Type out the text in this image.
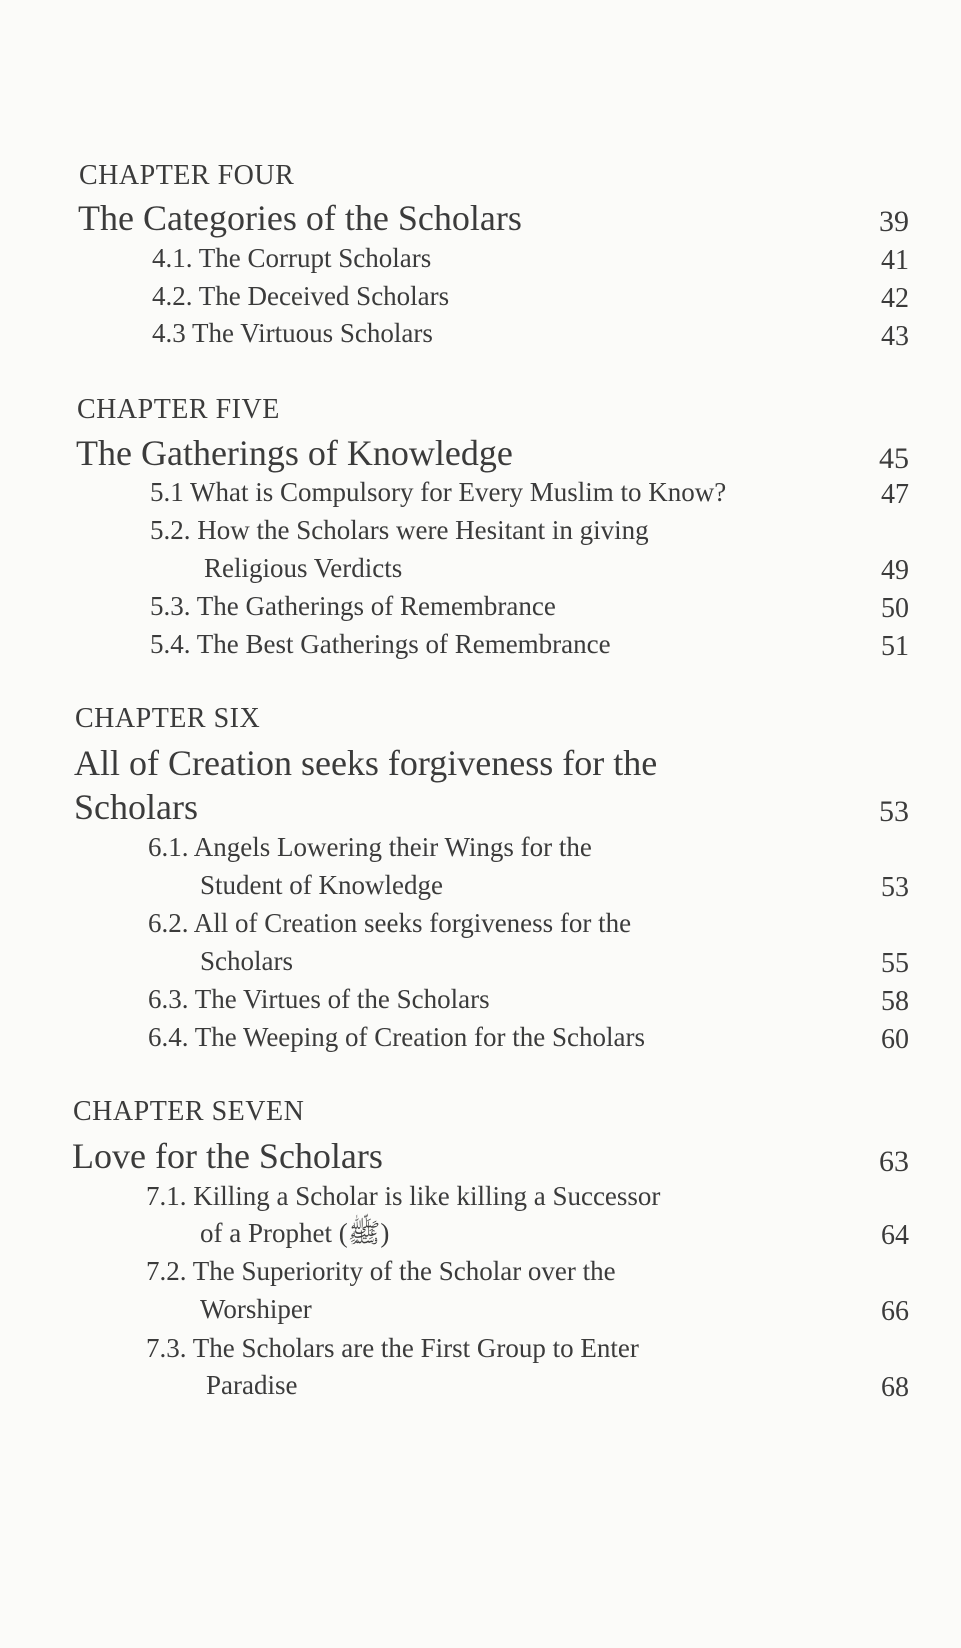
CHAPTER FOUR
The Categories of the Scholars	39
4.1. The Corrupt Scholars	41
4.2. The Deceived Scholars	42
4.3 The Virtuous Scholars	43
CHAPTER FIVE
The Gatherings of Knowledge	45
5.1 What is Compulsory for Every Muslim to Know?	47
5.2. How the Scholars were Hesitant in giving
Religious Verdicts	49
5.3. The Gatherings of Remembrance	50
5.4. The Best Gatherings of Remembrance	51
CHAPTER SIX
All of Creation seeks forgiveness for the
Scholars	53
6.1. Angels Lowering their Wings for the
Student of Knowledge	53
6.2. All of Creation seeks forgiveness for the
Scholars	55
6.3. The Virtues of the Scholars	58
6.4. The Weeping of Creation for the Scholars	60
CHAPTER SEVEN
Love for the Scholars	63
7.1. Killing a Scholar is like killing a Successor
of a Prophet (ﷺ)	64
7.2. The Superiority of the Scholar over the
Worshiper	66
7.3. The Scholars are the First Group to Enter
Paradise	68
